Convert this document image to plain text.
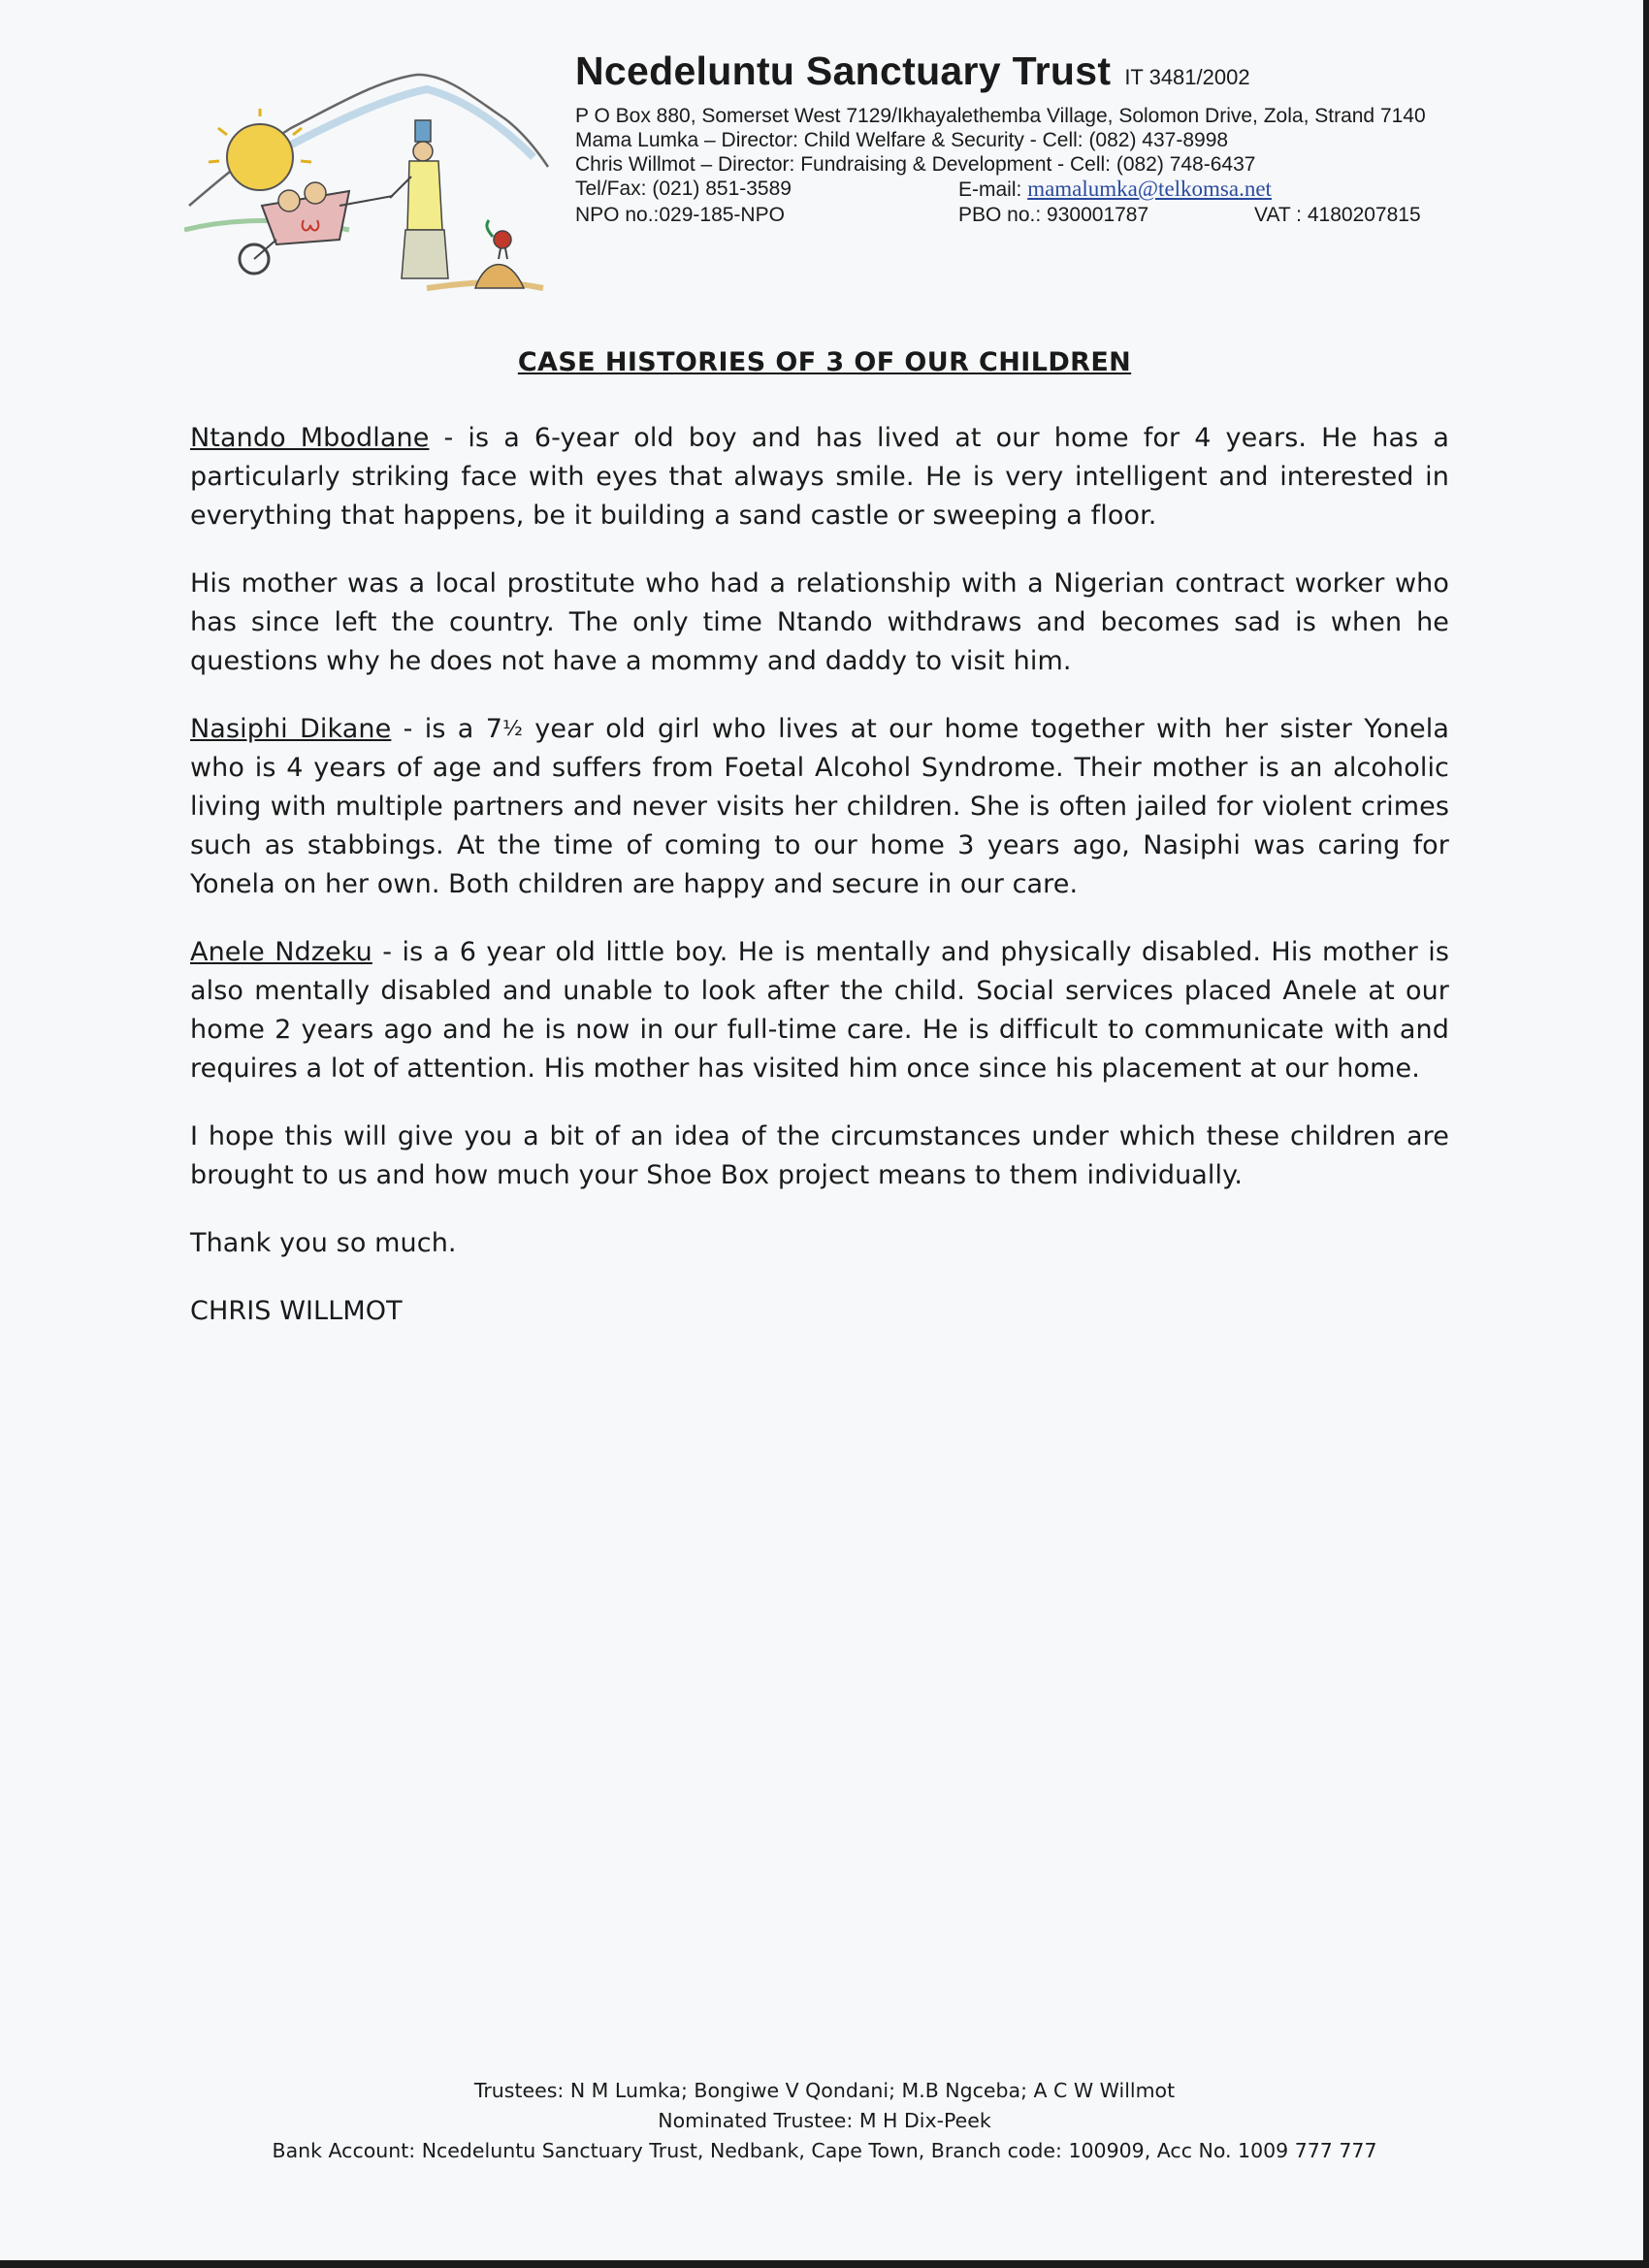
Ncedeluntu Sanctuary Trust IT 3481/2002
P O Box 880, Somerset West 7129/Ikhayalethemba Village, Solomon Drive, Zola, Strand 7140
Mama Lumka – Director: Child Welfare & Security - Cell: (082) 437-8998
Chris Willmot – Director: Fundraising & Development - Cell: (082) 748-6437
Tel/Fax: (021) 851-3589	E-mail: mamalumka@telkomsa.net
NPO no.:029-185-NPO	PBO no.: 930001787	VAT : 4180207815
CASE HISTORIES OF 3 OF OUR CHILDREN

Ntando Mbodlane - is a 6-year old boy and has lived at our home for 4 years. He has a particularly striking face with eyes that always smile. He is very intelligent and interested in everything that happens, be it building a sand castle or sweeping a floor.

His mother was a local prostitute who had a relationship with a Nigerian contract worker who has since left the country. The only time Ntando withdraws and becomes sad is when he questions why he does not have a mommy and daddy to visit him.

Nasiphi Dikane - is a 7½ year old girl who lives at our home together with her sister Yonela who is 4 years of age and suffers from Foetal Alcohol Syndrome. Their mother is an alcoholic living with multiple partners and never visits her children. She is often jailed for violent crimes such as stabbings. At the time of coming to our home 3 years ago, Nasiphi was caring for Yonela on her own. Both children are happy and secure in our care.

Anele Ndzeku - is a 6 year old little boy. He is mentally and physically disabled. His mother is also mentally disabled and unable to look after the child. Social services placed Anele at our home 2 years ago and he is now in our full-time care. He is difficult to communicate with and requires a lot of attention. His mother has visited him once since his placement at our home.

I hope this will give you a bit of an idea of the circumstances under which these children are brought to us and how much your Shoe Box project means to them individually.

Thank you so much.

CHRIS WILLMOT

Trustees: N M Lumka; Bongiwe V Qondani; M.B Ngceba; A C W Willmot
Nominated Trustee: M H Dix-Peek
Bank Account: Ncedeluntu Sanctuary Trust, Nedbank, Cape Town, Branch code: 100909, Acc No. 1009 777 777
